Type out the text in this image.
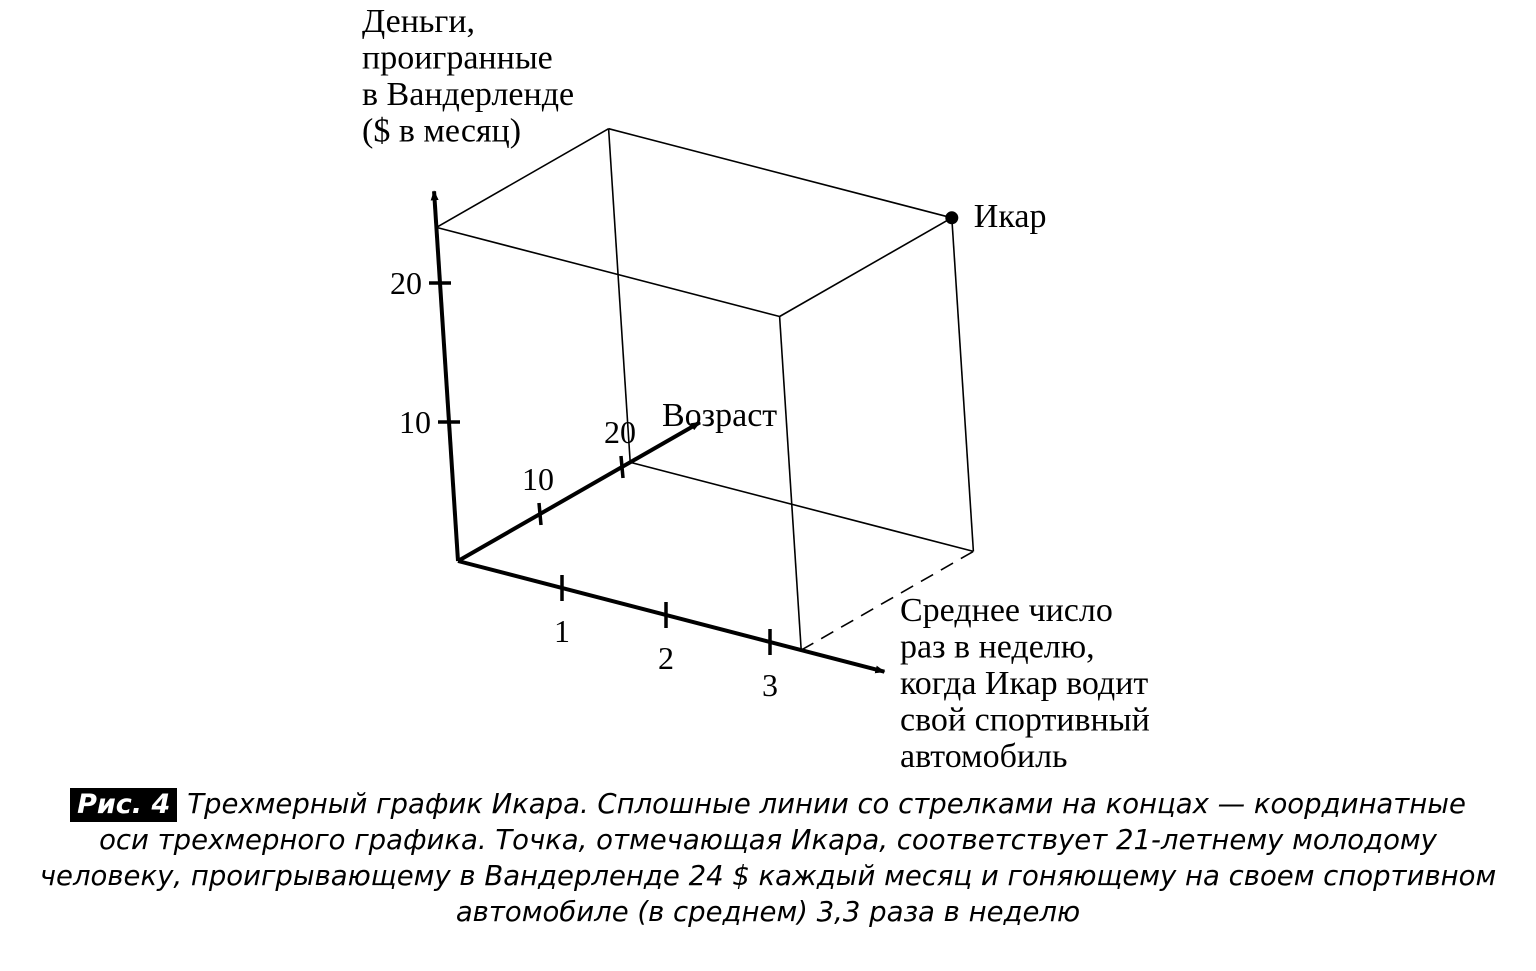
10
20
1
2
3
10
20
Деньги, проигранные в Вандерленде ($ в месяц)
Среднее число раз в неделю, когда Икар водит свой спортивный автомобиль
Возраст
Икар
Рис. 4 Трехмерный график Икара. Сплошные линии со стрелками на концах — координатные
оси трехмерного графика. Точка, отмечающая Икара, соответствует 21-летнему молодому
человеку, проигрывающему в Вандерленде 24 $ каждый месяц и гоняющему на своем спортивном
автомобиле (в среднем) 3,3 раза в неделю
